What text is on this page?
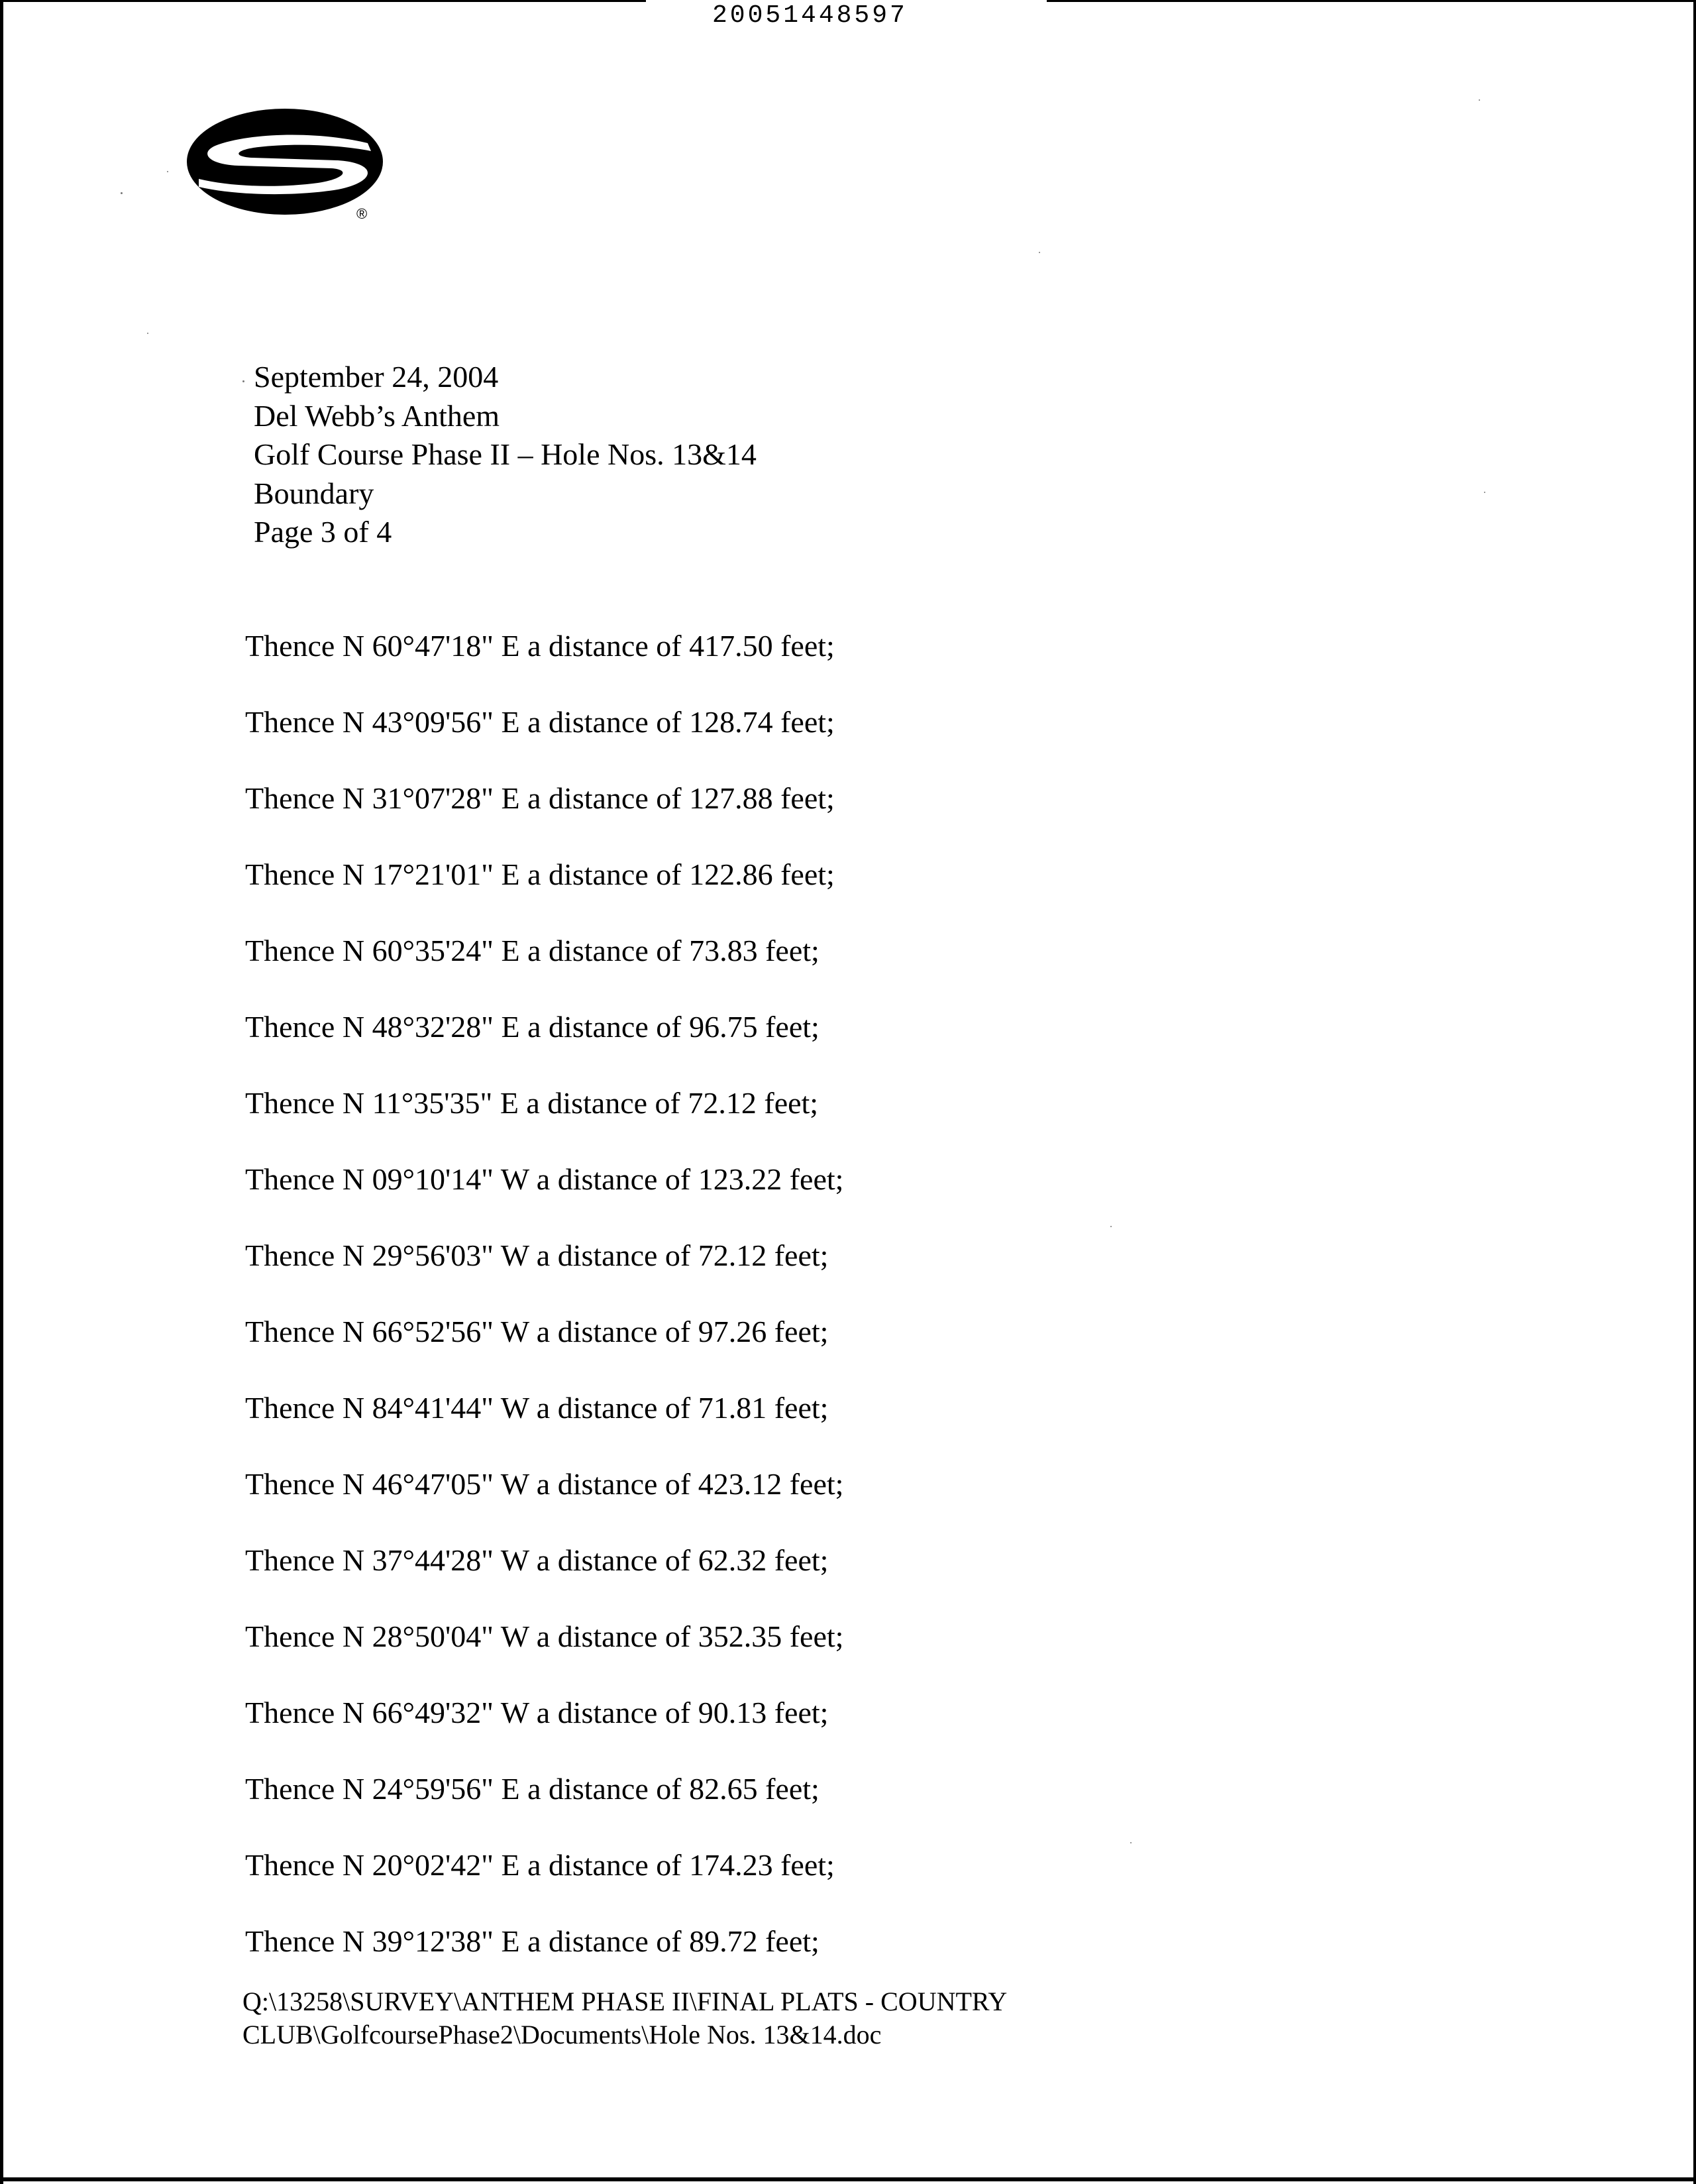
20051448597
®
September 24, 2004
Del Webb’s Anthem
Golf Course Phase II – Hole Nos. 13&14
Boundary
Page 3 of 4
Thence N 60°47'18" E a distance of 417.50 feet;
Thence N 43°09'56" E a distance of 128.74 feet;
Thence N 31°07'28" E a distance of 127.88 feet;
Thence N 17°21'01" E a distance of 122.86 feet;
Thence N 60°35'24" E a distance of 73.83 feet;
Thence N 48°32'28" E a distance of 96.75 feet;
Thence N 11°35'35" E a distance of 72.12 feet;
Thence N 09°10'14" W a distance of 123.22 feet;
Thence N 29°56'03" W a distance of 72.12 feet;
Thence N 66°52'56" W a distance of 97.26 feet;
Thence N 84°41'44" W a distance of 71.81 feet;
Thence N 46°47'05" W a distance of 423.12 feet;
Thence N 37°44'28" W a distance of 62.32 feet;
Thence N 28°50'04" W a distance of 352.35 feet;
Thence N 66°49'32" W a distance of 90.13 feet;
Thence N 24°59'56" E a distance of 82.65 feet;
Thence N 20°02'42" E a distance of 174.23 feet;
Thence N 39°12'38" E a distance of 89.72 feet;
Q:\13258\SURVEY\ANTHEM PHASE II\FINAL PLATS - COUNTRY
CLUB\GolfcoursePhase2\Documents\Hole Nos. 13&14.doc
